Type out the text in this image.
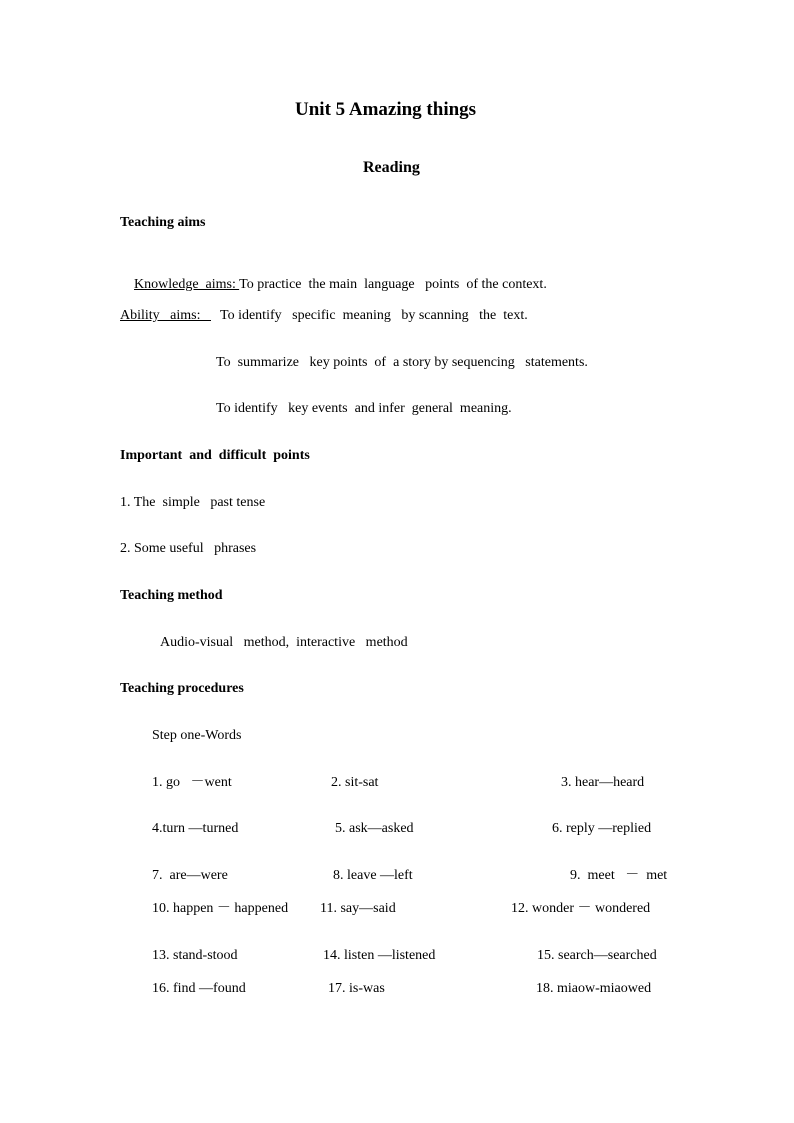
Unit 5 Amazing things
Reading
Teaching aims

Knowledge  aims: To practice  the main  language   points  of the context.

Ability   aims: To identify   specific  meaning   by scanning   the  text.
To  summarize   key points  of  a story by sequencing   statements.
To identify   key events  and infer  general  meaning.
Important  and  difficult  points
1. The  simple   past tense
2. Some useful   phrases
Teaching method
Audio-visual   method,  interactive   method
Teaching procedures
Step one-Words
1. go   －went	2. sit-sat	3. hear—heard
4.turn —turned	5. ask—asked	6. reply —replied
7.  are—were	8. leave —left	9.  meet   －  met
10. happen － happened 11. say—said	12. wonder － wondered
13. stand-stood	14. listen —listened	15. search—searched
16. find —found	17. is-was	18. miaow-miaowed
